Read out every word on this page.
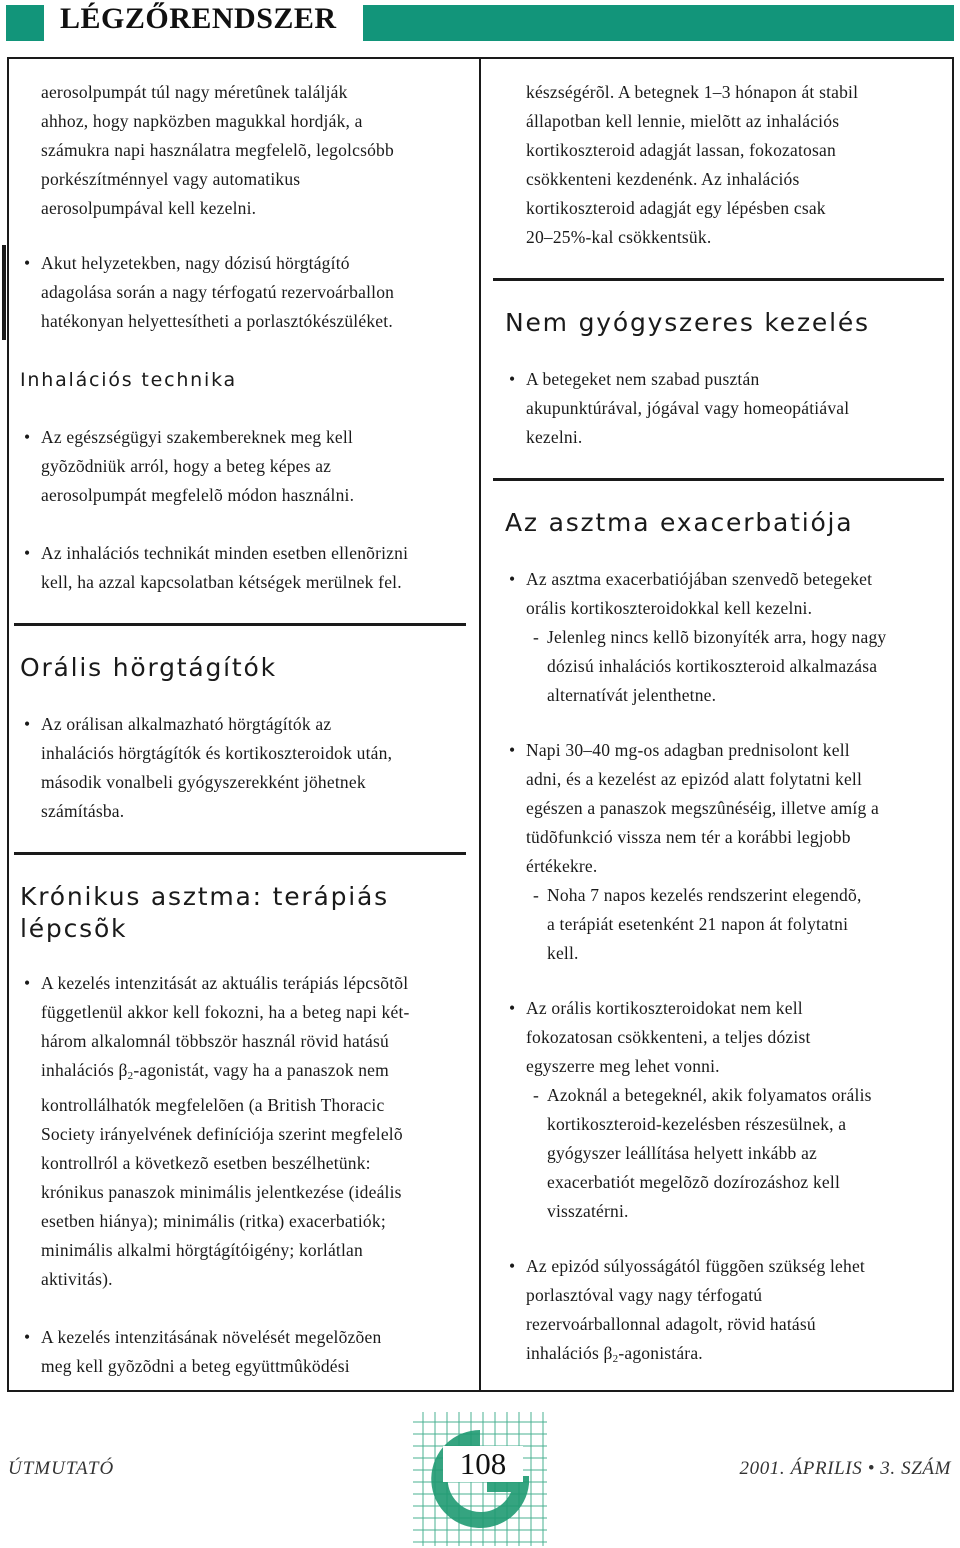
LÉGZŐRENDSZER
aerosolpumpát túl nagy méretûnek találják
ahhoz, hogy napközben magukkal hordják, a
számukra napi használatra megfelelõ, legolcsóbb
porkészítménnyel vagy automatikus
aerosolpumpával kell kezelni.
• Akut helyzetekben, nagy dózisú hörgtágító
adagolása során a nagy térfogatú rezervoárballon
hatékonyan helyettesítheti a porlasztókészüléket.
Inhalációs technika
• Az egészségügyi szakembereknek meg kell
gyõzõdniük arról, hogy a beteg képes az
aerosolpumpát megfelelõ módon használni.
• Az inhalációs technikát minden esetben ellenõrizni
kell, ha azzal kapcsolatban kétségek merülnek fel.
Orális hörgtágítók
• Az orálisan alkalmazható hörgtágítók az
inhalációs hörgtágítók és kortikoszteroidok után,
második vonalbeli gyógyszerekként jöhetnek
számításba.
Krónikus asztma: terápiás
lépcsõk
• A kezelés intenzitását az aktuális terápiás lépcsõtõl
függetlenül akkor kell fokozni, ha a beteg napi két-
három alkalomnál többször használ rövid hatású
inhalációs $\beta_2$-agonistát, vagy ha a panaszok nem
kontrollálhatók megfelelõen (a British Thoracic
Society irányelvének definíciója szerint megfelelõ
kontrollról a következõ esetben beszélhetünk:
krónikus panaszok minimális jelentkezése (ideális
esetben hiánya); minimális (ritka) exacerbatiók;
minimális alkalmi hörgtágítóigény; korlátlan
aktivitás).
• A kezelés intenzitásának növelését megelõzõen
meg kell gyõzõdni a beteg együttmûködési
készségérõl. A betegnek 1–3 hónapon át stabil
állapotban kell lennie, mielõtt az inhalációs
kortikoszteroid adagját lassan, fokozatosan
csökkenteni kezdenénk. Az inhalációs
kortikoszteroid adagját egy lépésben csak
20–25%-kal csökkentsük.
Nem gyógyszeres kezelés
• A betegeket nem szabad pusztán
akupunktúrával, jógával vagy homeopátiával
kezelni.
Az asztma exacerbatiója
• Az asztma exacerbatiójában szenvedõ betegeket
orális kortikoszteroidokkal kell kezelni.
- Jelenleg nincs kellõ bizonyíték arra, hogy nagy
dózisú inhalációs kortikoszteroid alkalmazása
alternatívát jelenthetne.
• Napi 30–40 mg-os adagban prednisolont kell
adni, és a kezelést az epizód alatt folytatni kell
egészen a panaszok megszûnéséig, illetve amíg a
tüdõfunkció vissza nem tér a korábbi legjobb
értékekre.
- Noha 7 napos kezelés rendszerint elegendõ,
a terápiát esetenként 21 napon át folytatni
kell.
• Az orális kortikoszteroidokat nem kell
fokozatosan csökkenteni, a teljes dózist
egyszerre meg lehet vonni.
- Azoknál a betegeknél, akik folyamatos orális
kortikoszteroid-kezelésben részesülnek, a
gyógyszer leállítása helyett inkább az
exacerbatiót megelõzõ dozírozáshoz kell
visszatérni.
• Az epizód súlyosságától függõen szükség lehet
porlasztóval vagy nagy térfogatú
rezervoárballonnal adagolt, rövid hatású
inhalációs $\beta_2$-agonistára.
ÚTMUTATÓ	108	2001. ÁPRILIS • 3. SZÁM
